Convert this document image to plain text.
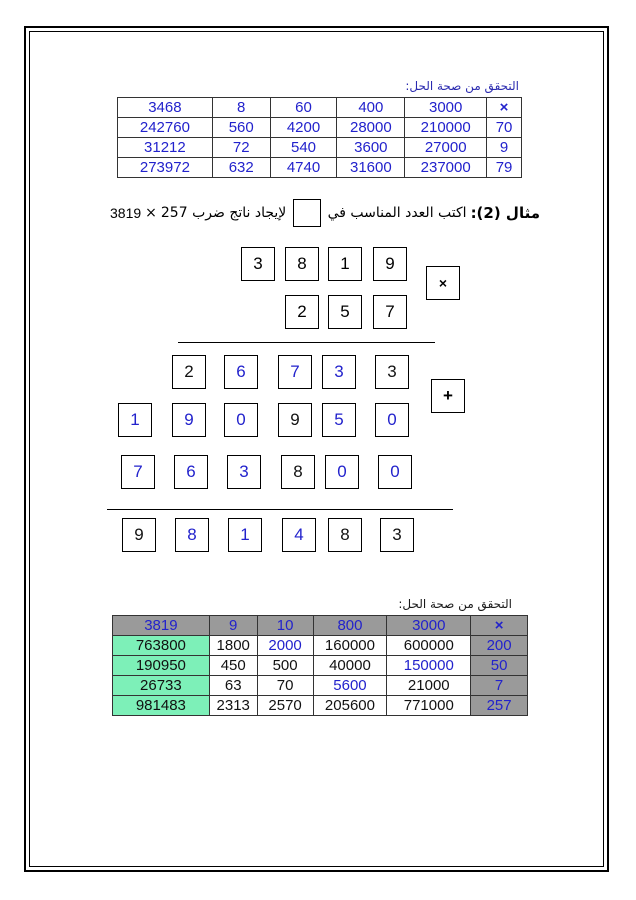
التحقق من صحة الحل:
×	3000	400	60	8	3468
70	210000	28000	4200	560	242760
9	27000	3600	540	72	31212
79	237000	31600	4740	632	273972
مثال (2):
اكتب العدد المناسب في
لإيجاد ناتج ضرب 257
×
3819
3	8	1	9
×
2	5	7
2	6	7	3	3
+
1	9	0	9	5	0
7	6	3	8	0	0
9	8	1	4	8	3
التحقق من صحة الحل:
×	3000	800	10	9	3819
200	600000	160000	2000	1800	763800
50	150000	40000	500	450	190950
7	21000	5600	70	63	26733
257	771000	205600	2570	2313	981483
